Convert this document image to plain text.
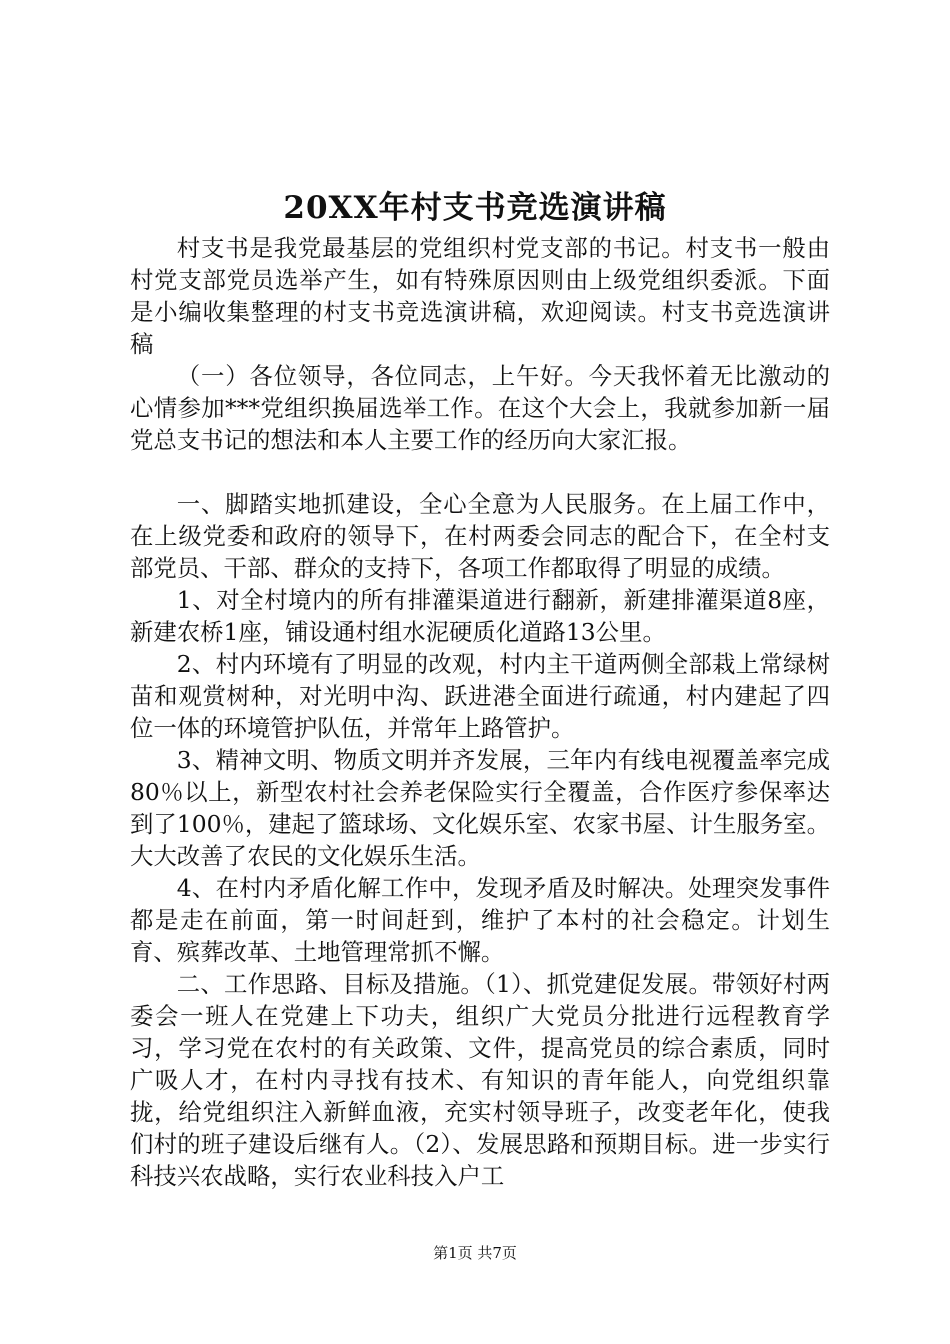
20XX年村支书竞选演讲稿

村支书是我党最基层的党组织村党支部的书记。村支书一般由村党支部党员选举产生，如有特殊原因则由上级党组织委派。下面是小编收集整理的村支书竞选演讲稿，欢迎阅读。村支书竞选演讲稿

（一）各位领导，各位同志，上午好。今天我怀着无比激动的心情参加***党组织换届选举工作。在这个大会上，我就参加新一届党总支书记的想法和本人主要工作的经历向大家汇报。

一、脚踏实地抓建设，全心全意为人民服务。在上届工作中，在上级党委和政府的领导下，在村两委会同志的配合下，在全村支部党员、干部、群众的支持下，各项工作都取得了明显的成绩。

1、对全村境内的所有排灌渠道进行翻新，新建排灌渠道8座，新建农桥1座，铺设通村组水泥硬质化道路13公里。

2、村内环境有了明显的改观，村内主干道两侧全部栽上常绿树苗和观赏树种，对光明中沟、跃进港全面进行疏通，村内建起了四位一体的环境管护队伍，并常年上路管护。

3、精神文明、物质文明并齐发展，三年内有线电视覆盖率完成80％以上，新型农村社会养老保险实行全覆盖，合作医疗参保率达到了100％，建起了篮球场、文化娱乐室、农家书屋、计生服务室。大大改善了农民的文化娱乐生活。

4、在村内矛盾化解工作中，发现矛盾及时解决。处理突发事件都是走在前面，第一时间赶到，维护了本村的社会稳定。计划生育、殡葬改革、土地管理常抓不懈。

二、工作思路、目标及措施。（1）、抓党建促发展。带领好村两委会一班人在党建上下功夫，组织广大党员分批进行远程教育学习，学习党在农村的有关政策、文件，提高党员的综合素质，同时广吸人才，在村内寻找有技术、有知识的青年能人，向党组织靠拢，给党组织注入新鲜血液，充实村领导班子，改变老年化，使我们村的班子建设后继有人。（2）、发展思路和预期目标。进一步实行科技兴农战略，实行农业科技入户工

第1页 共7页
